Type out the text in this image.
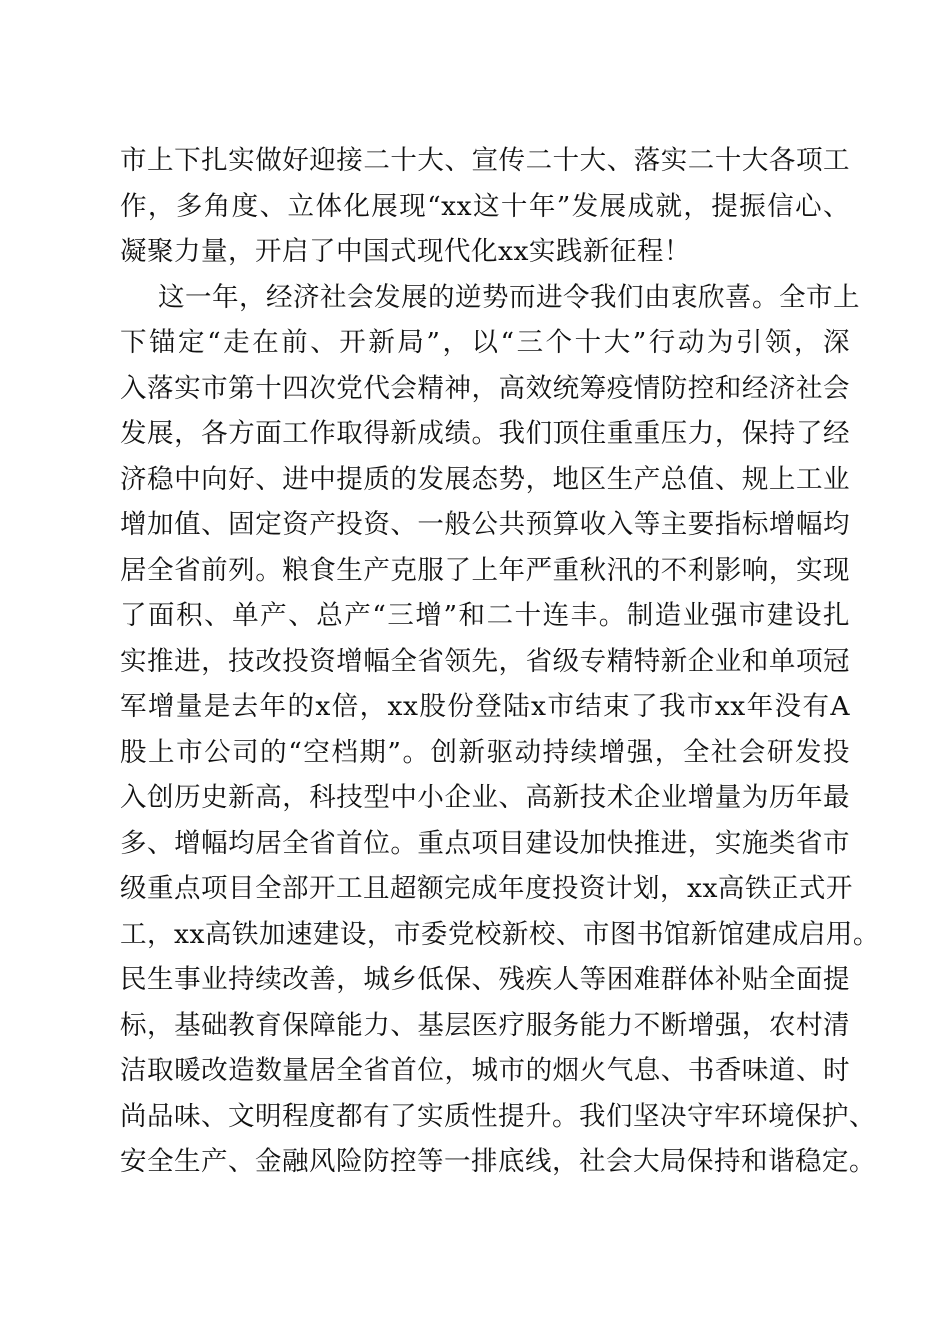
市上下扎实做好迎接二十大、宣传二十大、落实二十大各项工
作，多角度、立体化展现“xx这十年”发展成就，提振信心、
凝聚力量，开启了中国式现代化xx实践新征程！
这一年，经济社会发展的逆势而进令我们由衷欣喜。全市上
下锚定“走在前、开新局”，以“三个十大”行动为引领，深
入落实市第十四次党代会精神，高效统筹疫情防控和经济社会
发展，各方面工作取得新成绩。我们顶住重重压力，保持了经
济稳中向好、进中提质的发展态势，地区生产总值、规上工业
增加值、固定资产投资、一般公共预算收入等主要指标增幅均
居全省前列。粮食生产克服了上年严重秋汛的不利影响，实现
了面积、单产、总产“三增”和二十连丰。制造业强市建设扎
实推进，技改投资增幅全省领先，省级专精特新企业和单项冠
军增量是去年的x倍，xx股份登陆x市结束了我市xx年没有A
股上市公司的“空档期”。创新驱动持续增强，全社会研发投
入创历史新高，科技型中小企业、高新技术企业增量为历年最
多、增幅均居全省首位。重点项目建设加快推进，实施类省市
级重点项目全部开工且超额完成年度投资计划，xx高铁正式开
工，xx高铁加速建设，市委党校新校、市图书馆新馆建成启用。
民生事业持续改善，城乡低保、残疾人等困难群体补贴全面提
标，基础教育保障能力、基层医疗服务能力不断增强，农村清
洁取暖改造数量居全省首位，城市的烟火气息、书香味道、时
尚品味、文明程度都有了实质性提升。我们坚决守牢环境保护、
安全生产、金融风险防控等一排底线，社会大局保持和谐稳定。
